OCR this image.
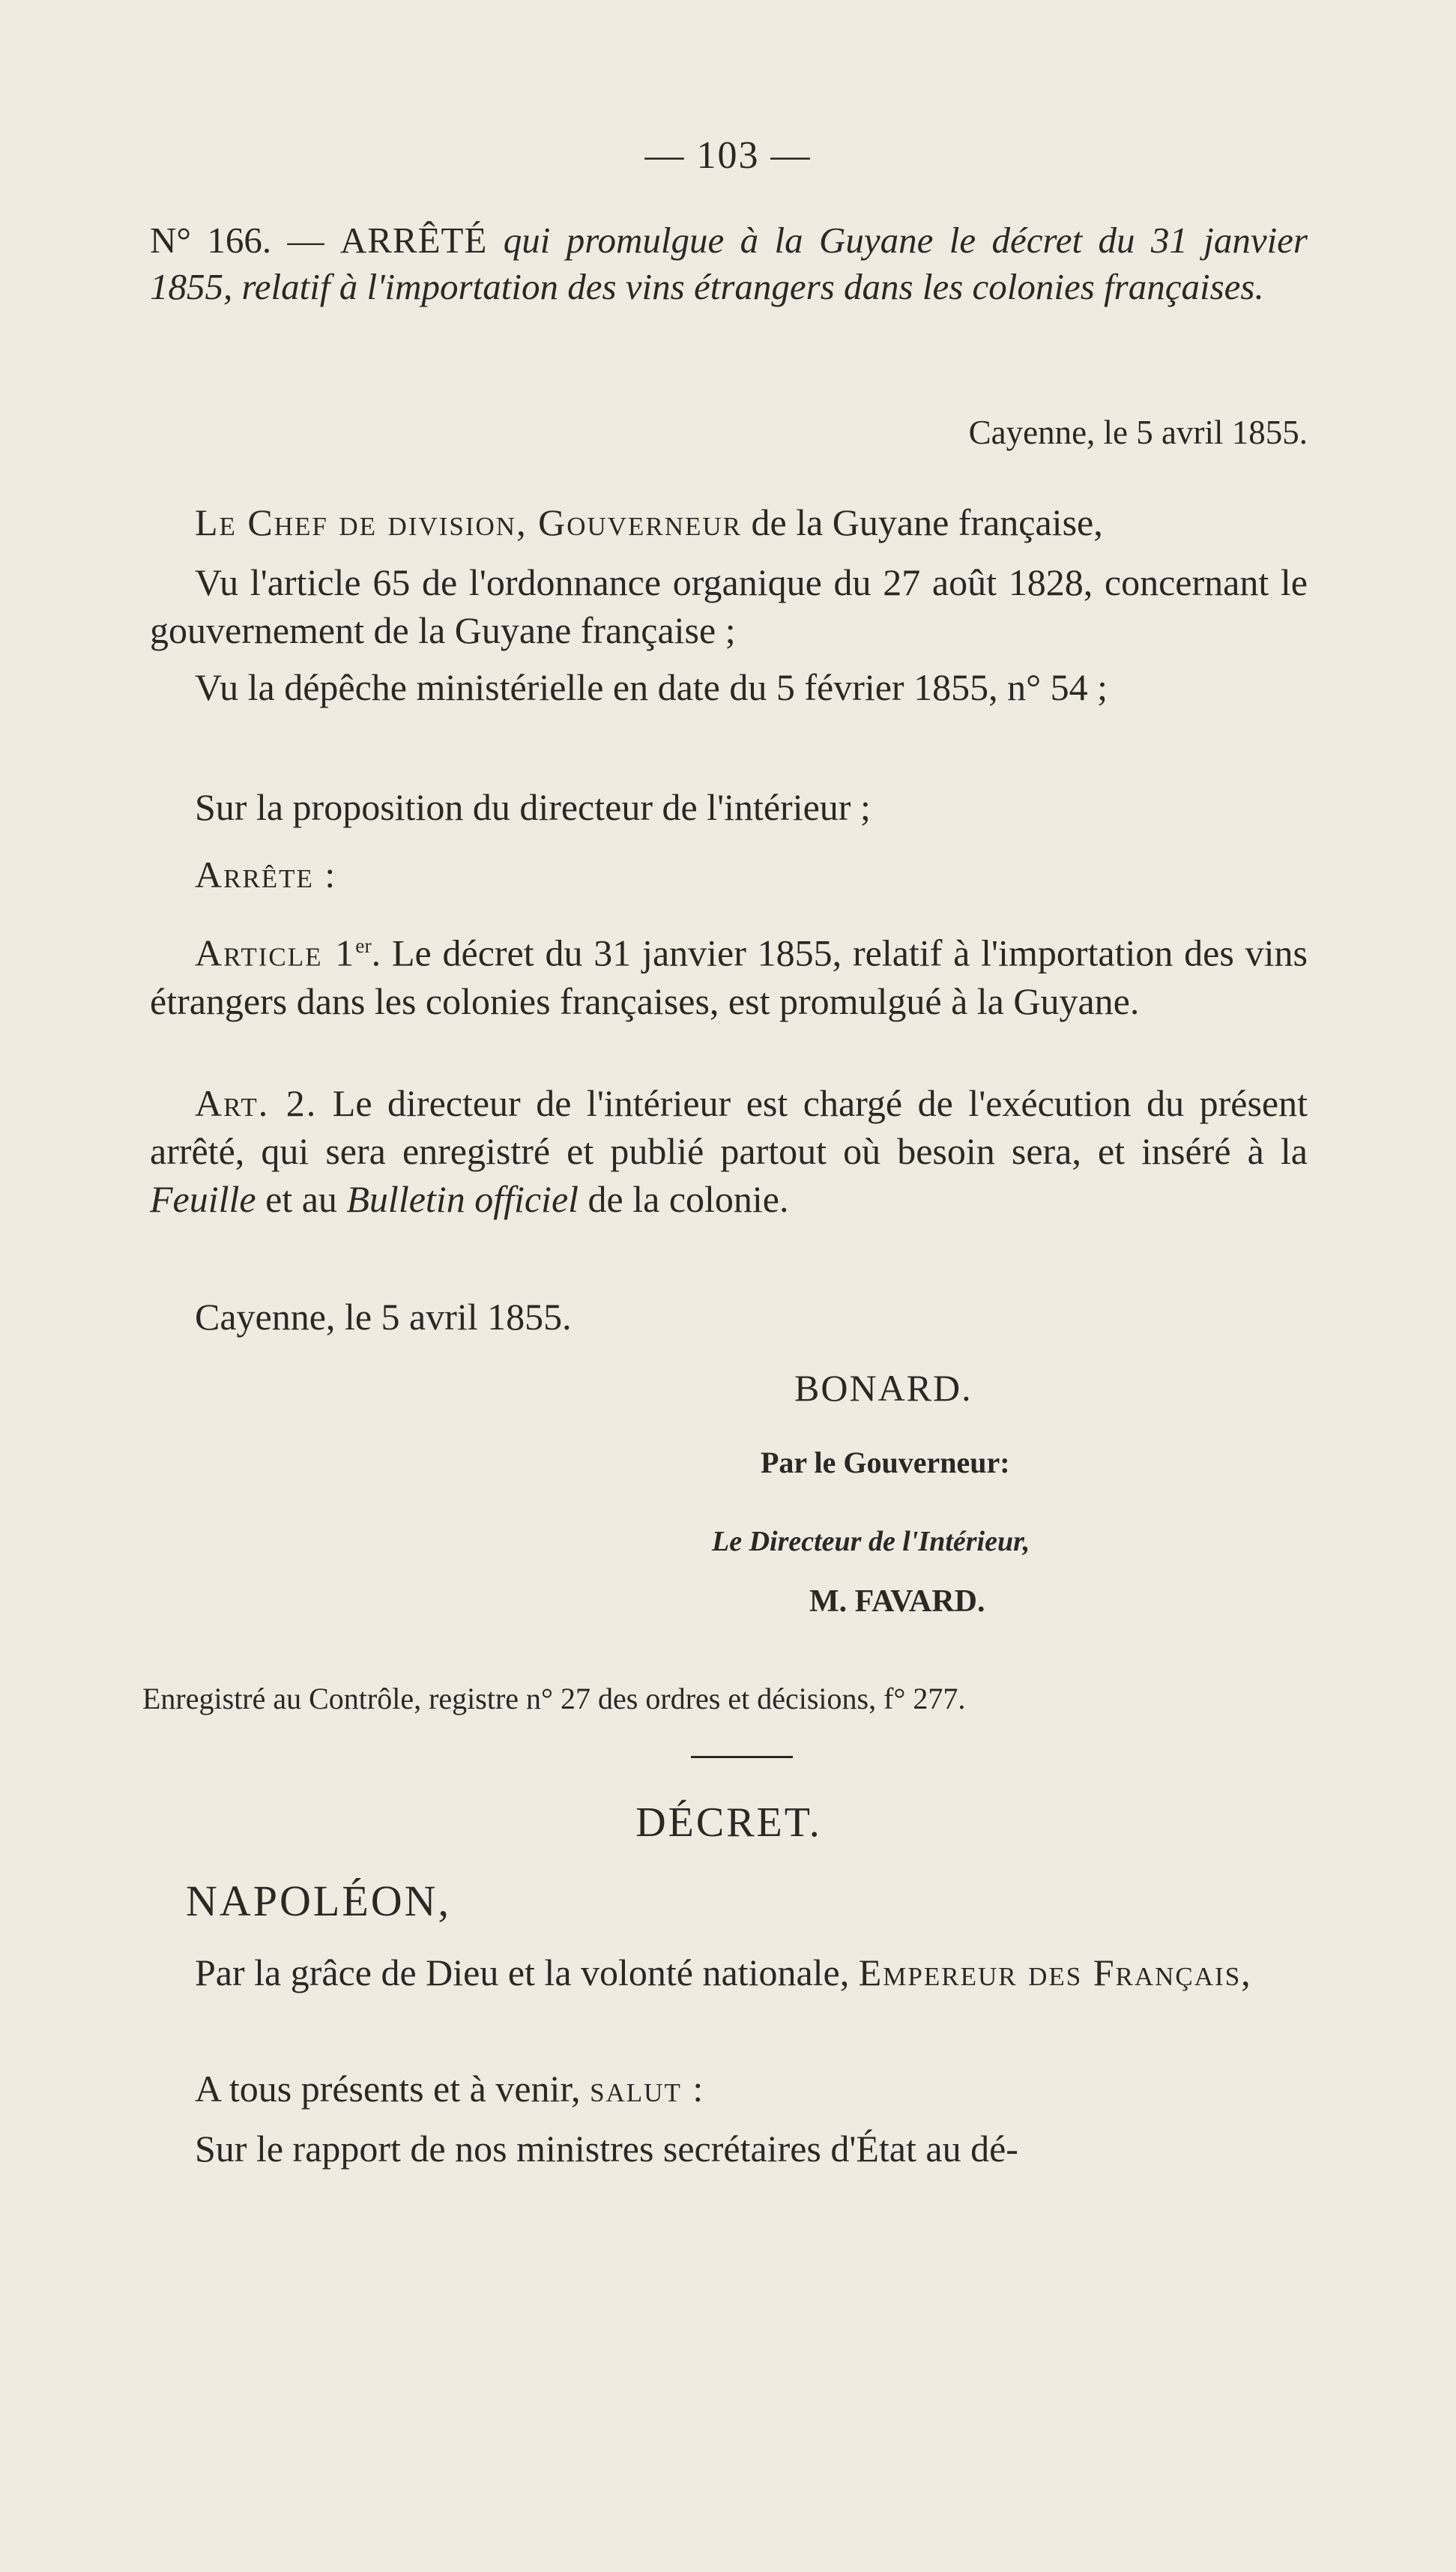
— 103 —

N° 166. — ARRÊTÉ qui promulgue à la Guyane le décret du 31 janvier 1855, relatif à l'importation des vins étrangers dans les colonies françaises.

Cayenne, le 5 avril 1855.

Le Chef de division, Gouverneur de la Guyane française,

Vu l'article 65 de l'ordonnance organique du 27 août 1828, concernant le gouvernement de la Guyane française ;

Vu la dépêche ministérielle en date du 5 février 1855, n° 54 ;

Sur la proposition du directeur de l'intérieur ;

Arrête :

Article 1er. Le décret du 31 janvier 1855, relatif à l'importation des vins étrangers dans les colonies françaises, est promulgué à la Guyane.

Art. 2. Le directeur de l'intérieur est chargé de l'exécution du présent arrêté, qui sera enregistré et publié partout où besoin sera, et inséré à la Feuille et au Bulletin officiel de la colonie.

Cayenne, le 5 avril 1855.

BONARD.

Par le Gouverneur:

Le Directeur de l'Intérieur,

M. FAVARD.

Enregistré au Contrôle, registre n° 27 des ordres et décisions, f° 277.

DÉCRET.

NAPOLÉON,

Par la grâce de Dieu et la volonté nationale, Empereur des Français,

A tous présents et à venir, salut :

Sur le rapport de nos ministres secrétaires d'État au dé-
